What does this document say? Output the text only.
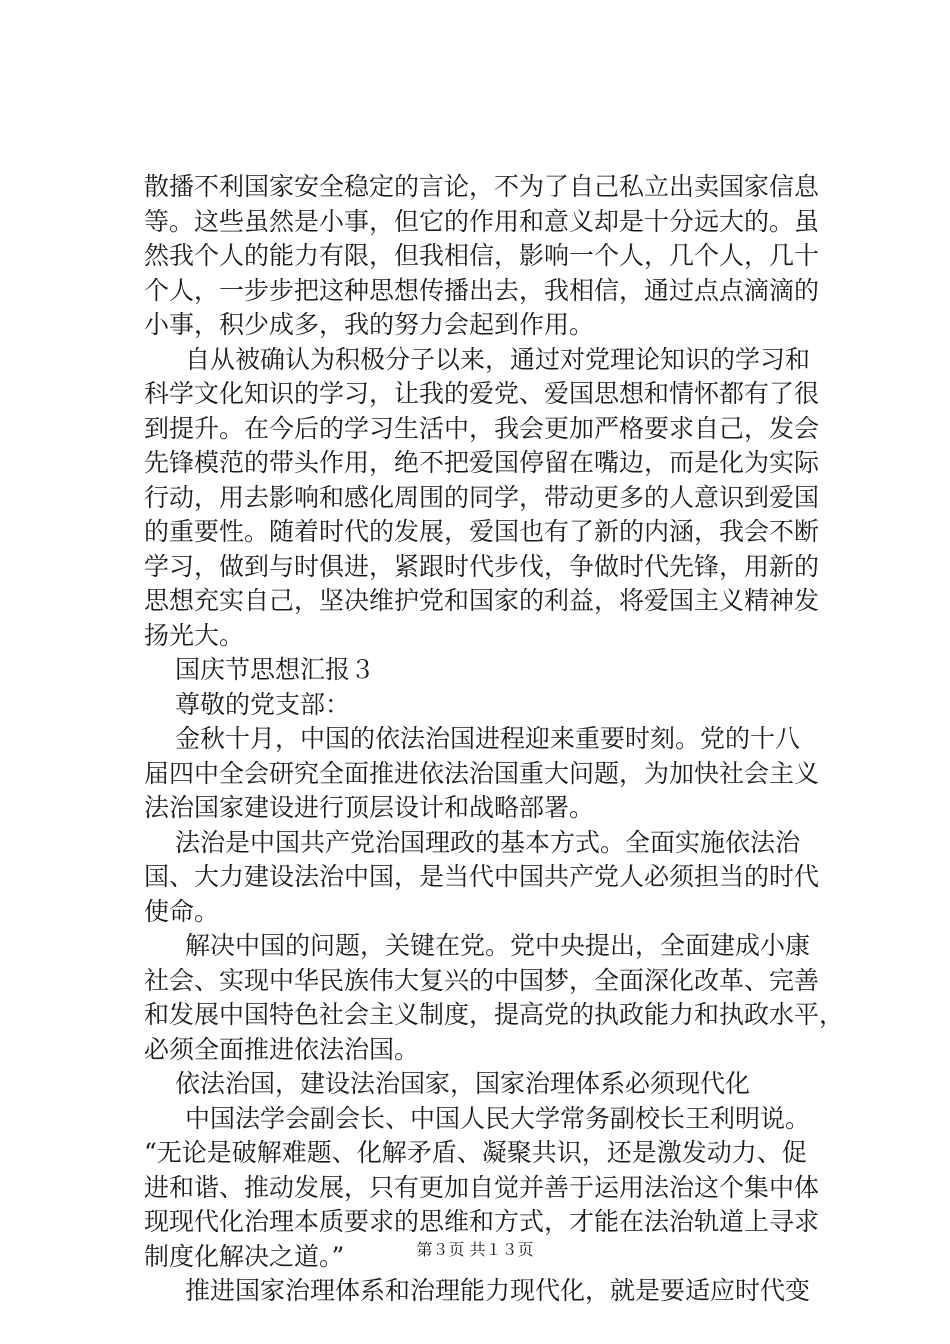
散播不利国家安全稳定的言论，不为了自己私立出卖国家信息
等。这些虽然是小事，但它的作用和意义却是十分远大的。虽
然我个人的能力有限，但我相信，影响一个人，几个人，几十
个人，一步步把这种思想传播出去，我相信，通过点点滴滴的
小事，积少成多，我的努力会起到作用。
自从被确认为积极分子以来，通过对党理论知识的学习和
科学文化知识的学习，让我的爱党、爱国思想和情怀都有了很
到提升。在今后的学习生活中，我会更加严格要求自己，发会
先锋模范的带头作用，绝不把爱国停留在嘴边，而是化为实际
行动，用去影响和感化周围的同学，带动更多的人意识到爱国
的重要性。随着时代的发展，爱国也有了新的内涵，我会不断
学习，做到与时俱进，紧跟时代步伐，争做时代先锋，用新的
思想充实自己，坚决维护党和国家的利益，将爱国主义精神发
扬光大。
国庆节思想汇报３
尊敬的党支部：
金秋十月，中国的依法治国进程迎来重要时刻。党的十八
届四中全会研究全面推进依法治国重大问题，为加快社会主义
法治国家建设进行顶层设计和战略部署。
法治是中国共产党治国理政的基本方式。全面实施依法治
国、大力建设法治中国，是当代中国共产党人必须担当的时代
使命。
解决中国的问题，关键在党。党中央提出，全面建成小康
社会、实现中华民族伟大复兴的中国梦，全面深化改革、完善
和发展中国特色社会主义制度，提高党的执政能力和执政水平，
必须全面推进依法治国。
依法治国，建设法治国家，国家治理体系必须现代化
中国法学会副会长、中国人民大学常务副校长王利明说。
“无论是破解难题、化解矛盾、凝聚共识，还是激发动力、促
进和谐、推动发展，只有更加自觉并善于运用法治这个集中体
现现代化治理本质要求的思维和方式，才能在法治轨道上寻求
制度化解决之道。”
推进国家治理体系和治理能力现代化，就是要适应时代变
第３页 共１３页
